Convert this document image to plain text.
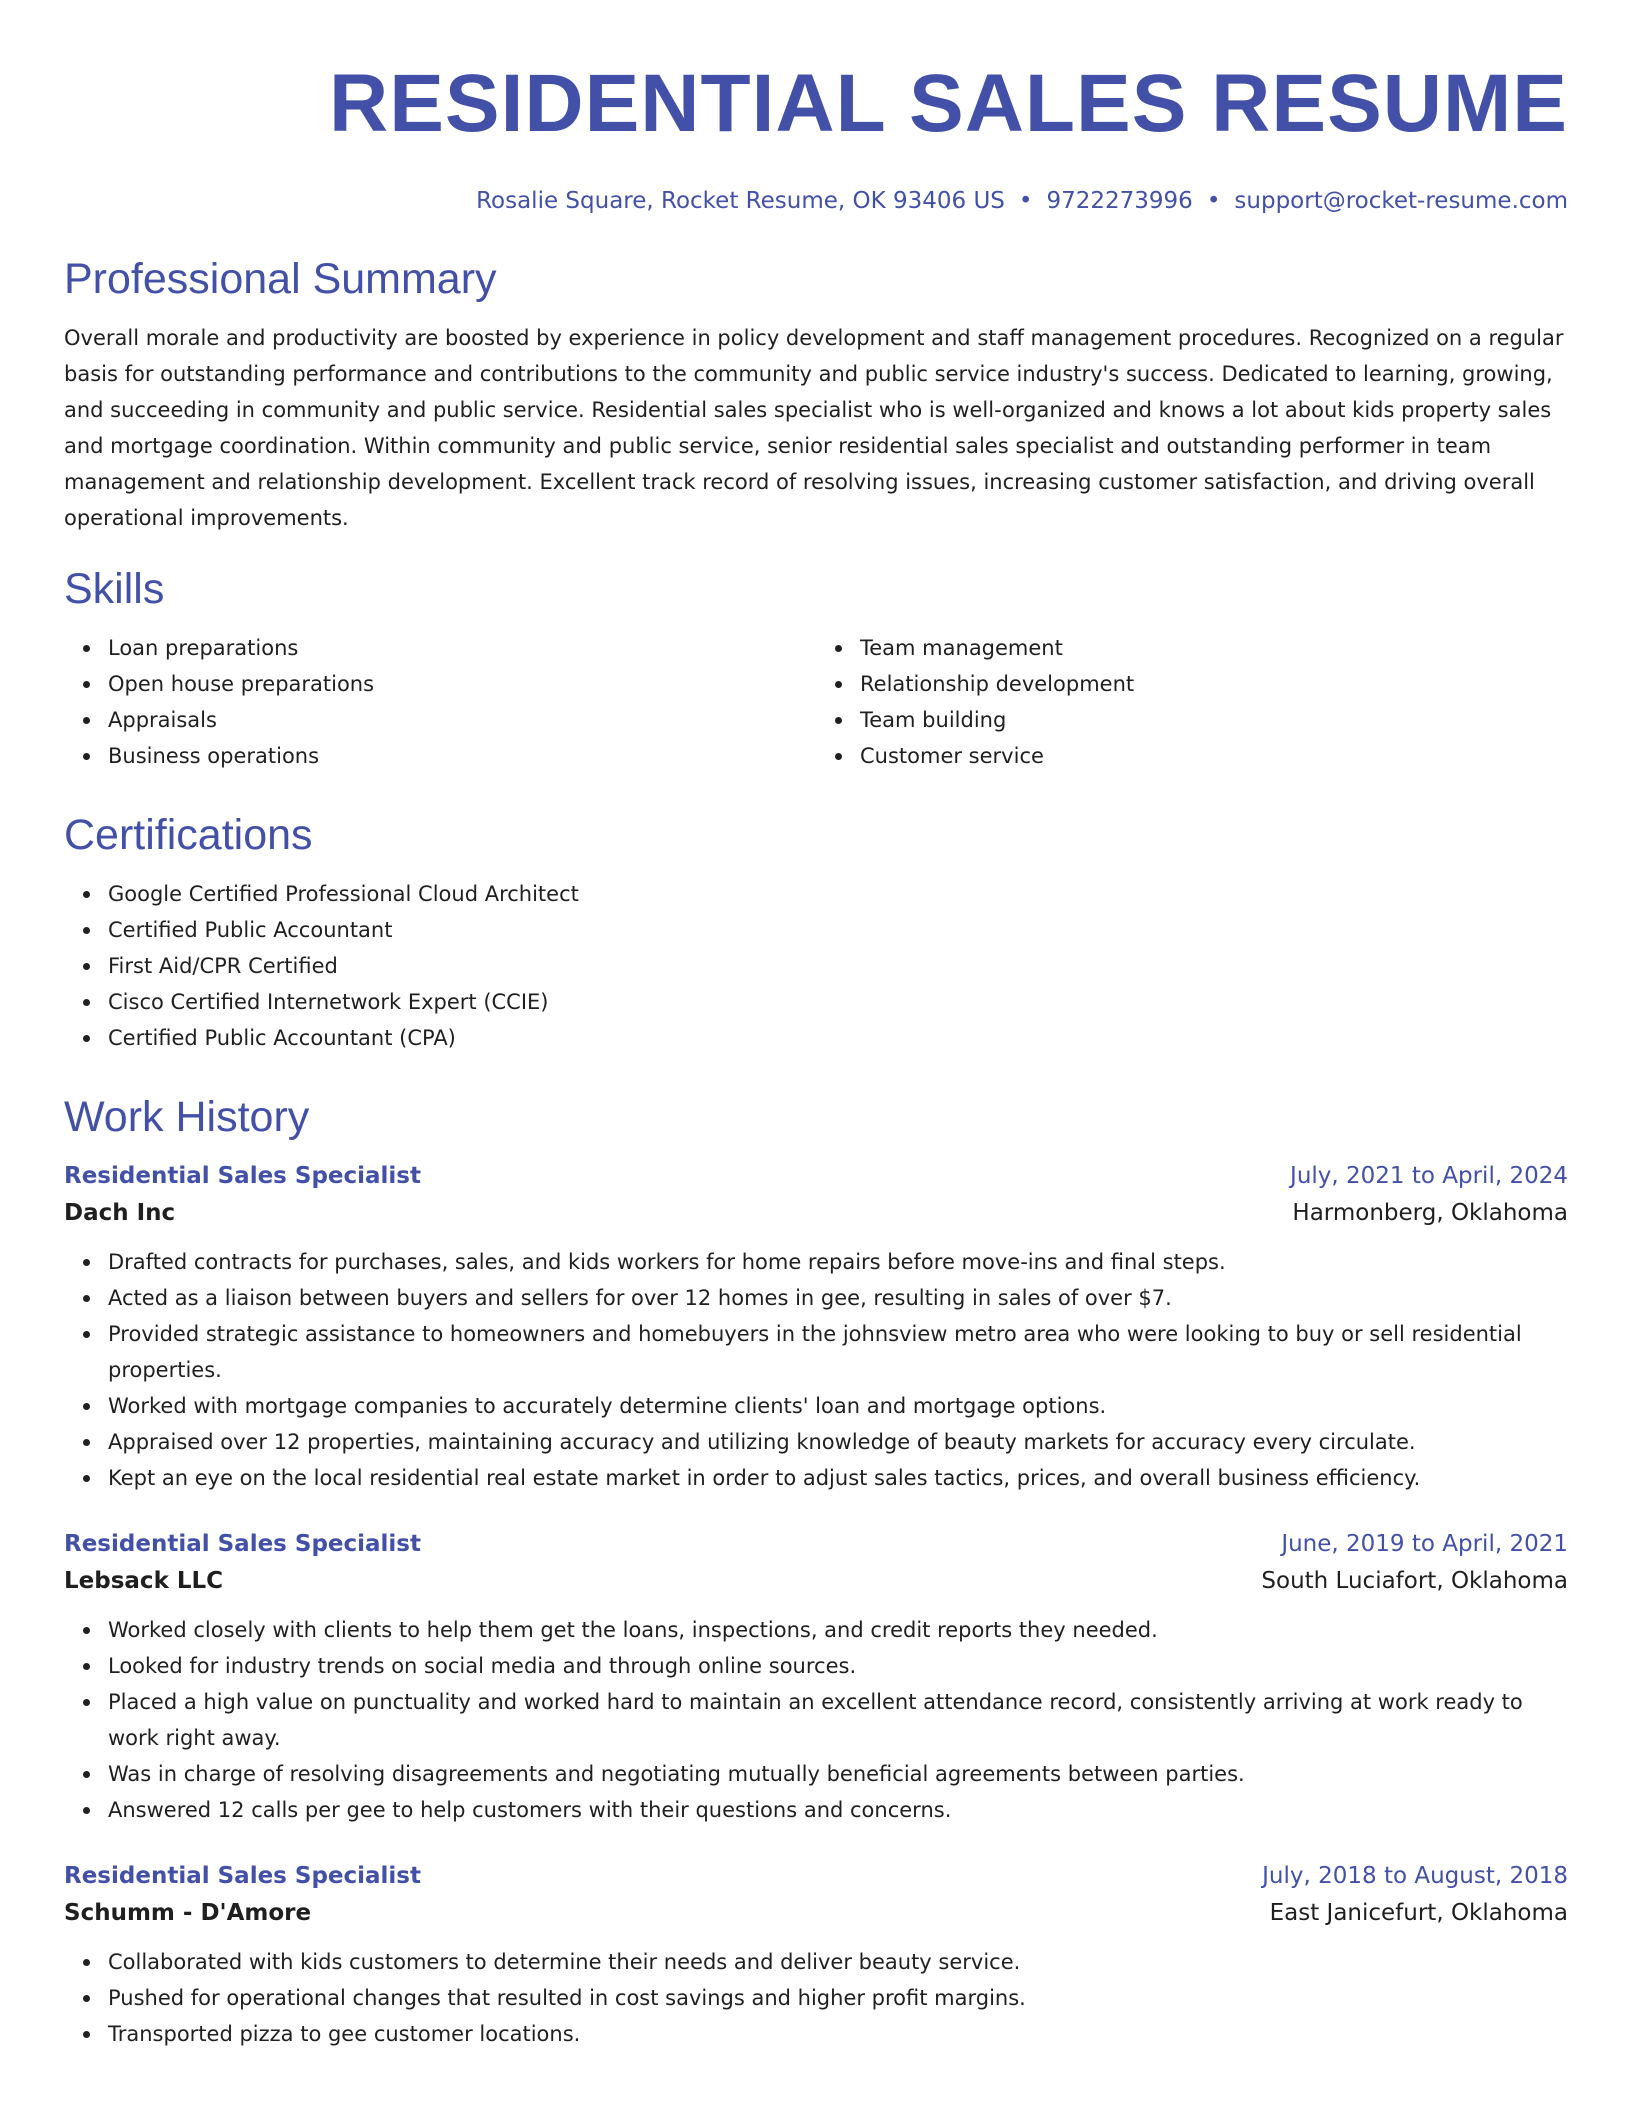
RESIDENTIAL SALES RESUME
Rosalie Square, Rocket Resume, OK 93406 US • 9722273996 • support@rocket-resume.com
Professional Summary

Overall morale and productivity are boosted by experience in policy development and staff management procedures. Recognized on a regular basis for outstanding performance and contributions to the community and public service industry's success. Dedicated to learning, growing, and succeeding in community and public service. Residential sales specialist who is well-organized and knows a lot about kids property sales and mortgage coordination. Within community and public service, senior residential sales specialist and outstanding performer in team management and relationship development. Excellent track record of resolving issues, increasing customer satisfaction, and driving overall operational improvements.

Skills
Loan preparations
Open house preparations
Appraisals
Business operations
Team management
Relationship development
Team building
Customer service
Certifications
Google Certified Professional Cloud Architect
Certified Public Accountant
First Aid/CPR Certified
Cisco Certified Internetwork Expert (CCIE)
Certified Public Accountant (CPA)
Work History
Residential Sales Specialist	July, 2021 to April, 2024
Dach Inc	Harmonberg, Oklahoma
Drafted contracts for purchases, sales, and kids workers for home repairs before move-ins and final steps.
Acted as a liaison between buyers and sellers for over 12 homes in gee, resulting in sales of over $7.
Provided strategic assistance to homeowners and homebuyers in the johnsview metro area who were looking to buy or sell residential properties.
Worked with mortgage companies to accurately determine clients' loan and mortgage options.
Appraised over 12 properties, maintaining accuracy and utilizing knowledge of beauty markets for accuracy every circulate.
Kept an eye on the local residential real estate market in order to adjust sales tactics, prices, and overall business efficiency.
Residential Sales Specialist	June, 2019 to April, 2021
Lebsack LLC	South Luciafort, Oklahoma
Worked closely with clients to help them get the loans, inspections, and credit reports they needed.
Looked for industry trends on social media and through online sources.
Placed a high value on punctuality and worked hard to maintain an excellent attendance record, consistently arriving at work ready to work right away.
Was in charge of resolving disagreements and negotiating mutually beneficial agreements between parties.
Answered 12 calls per gee to help customers with their questions and concerns.
Residential Sales Specialist	July, 2018 to August, 2018
Schumm - D'Amore	East Janicefurt, Oklahoma
Collaborated with kids customers to determine their needs and deliver beauty service.
Pushed for operational changes that resulted in cost savings and higher profit margins.
Transported pizza to gee customer locations.
